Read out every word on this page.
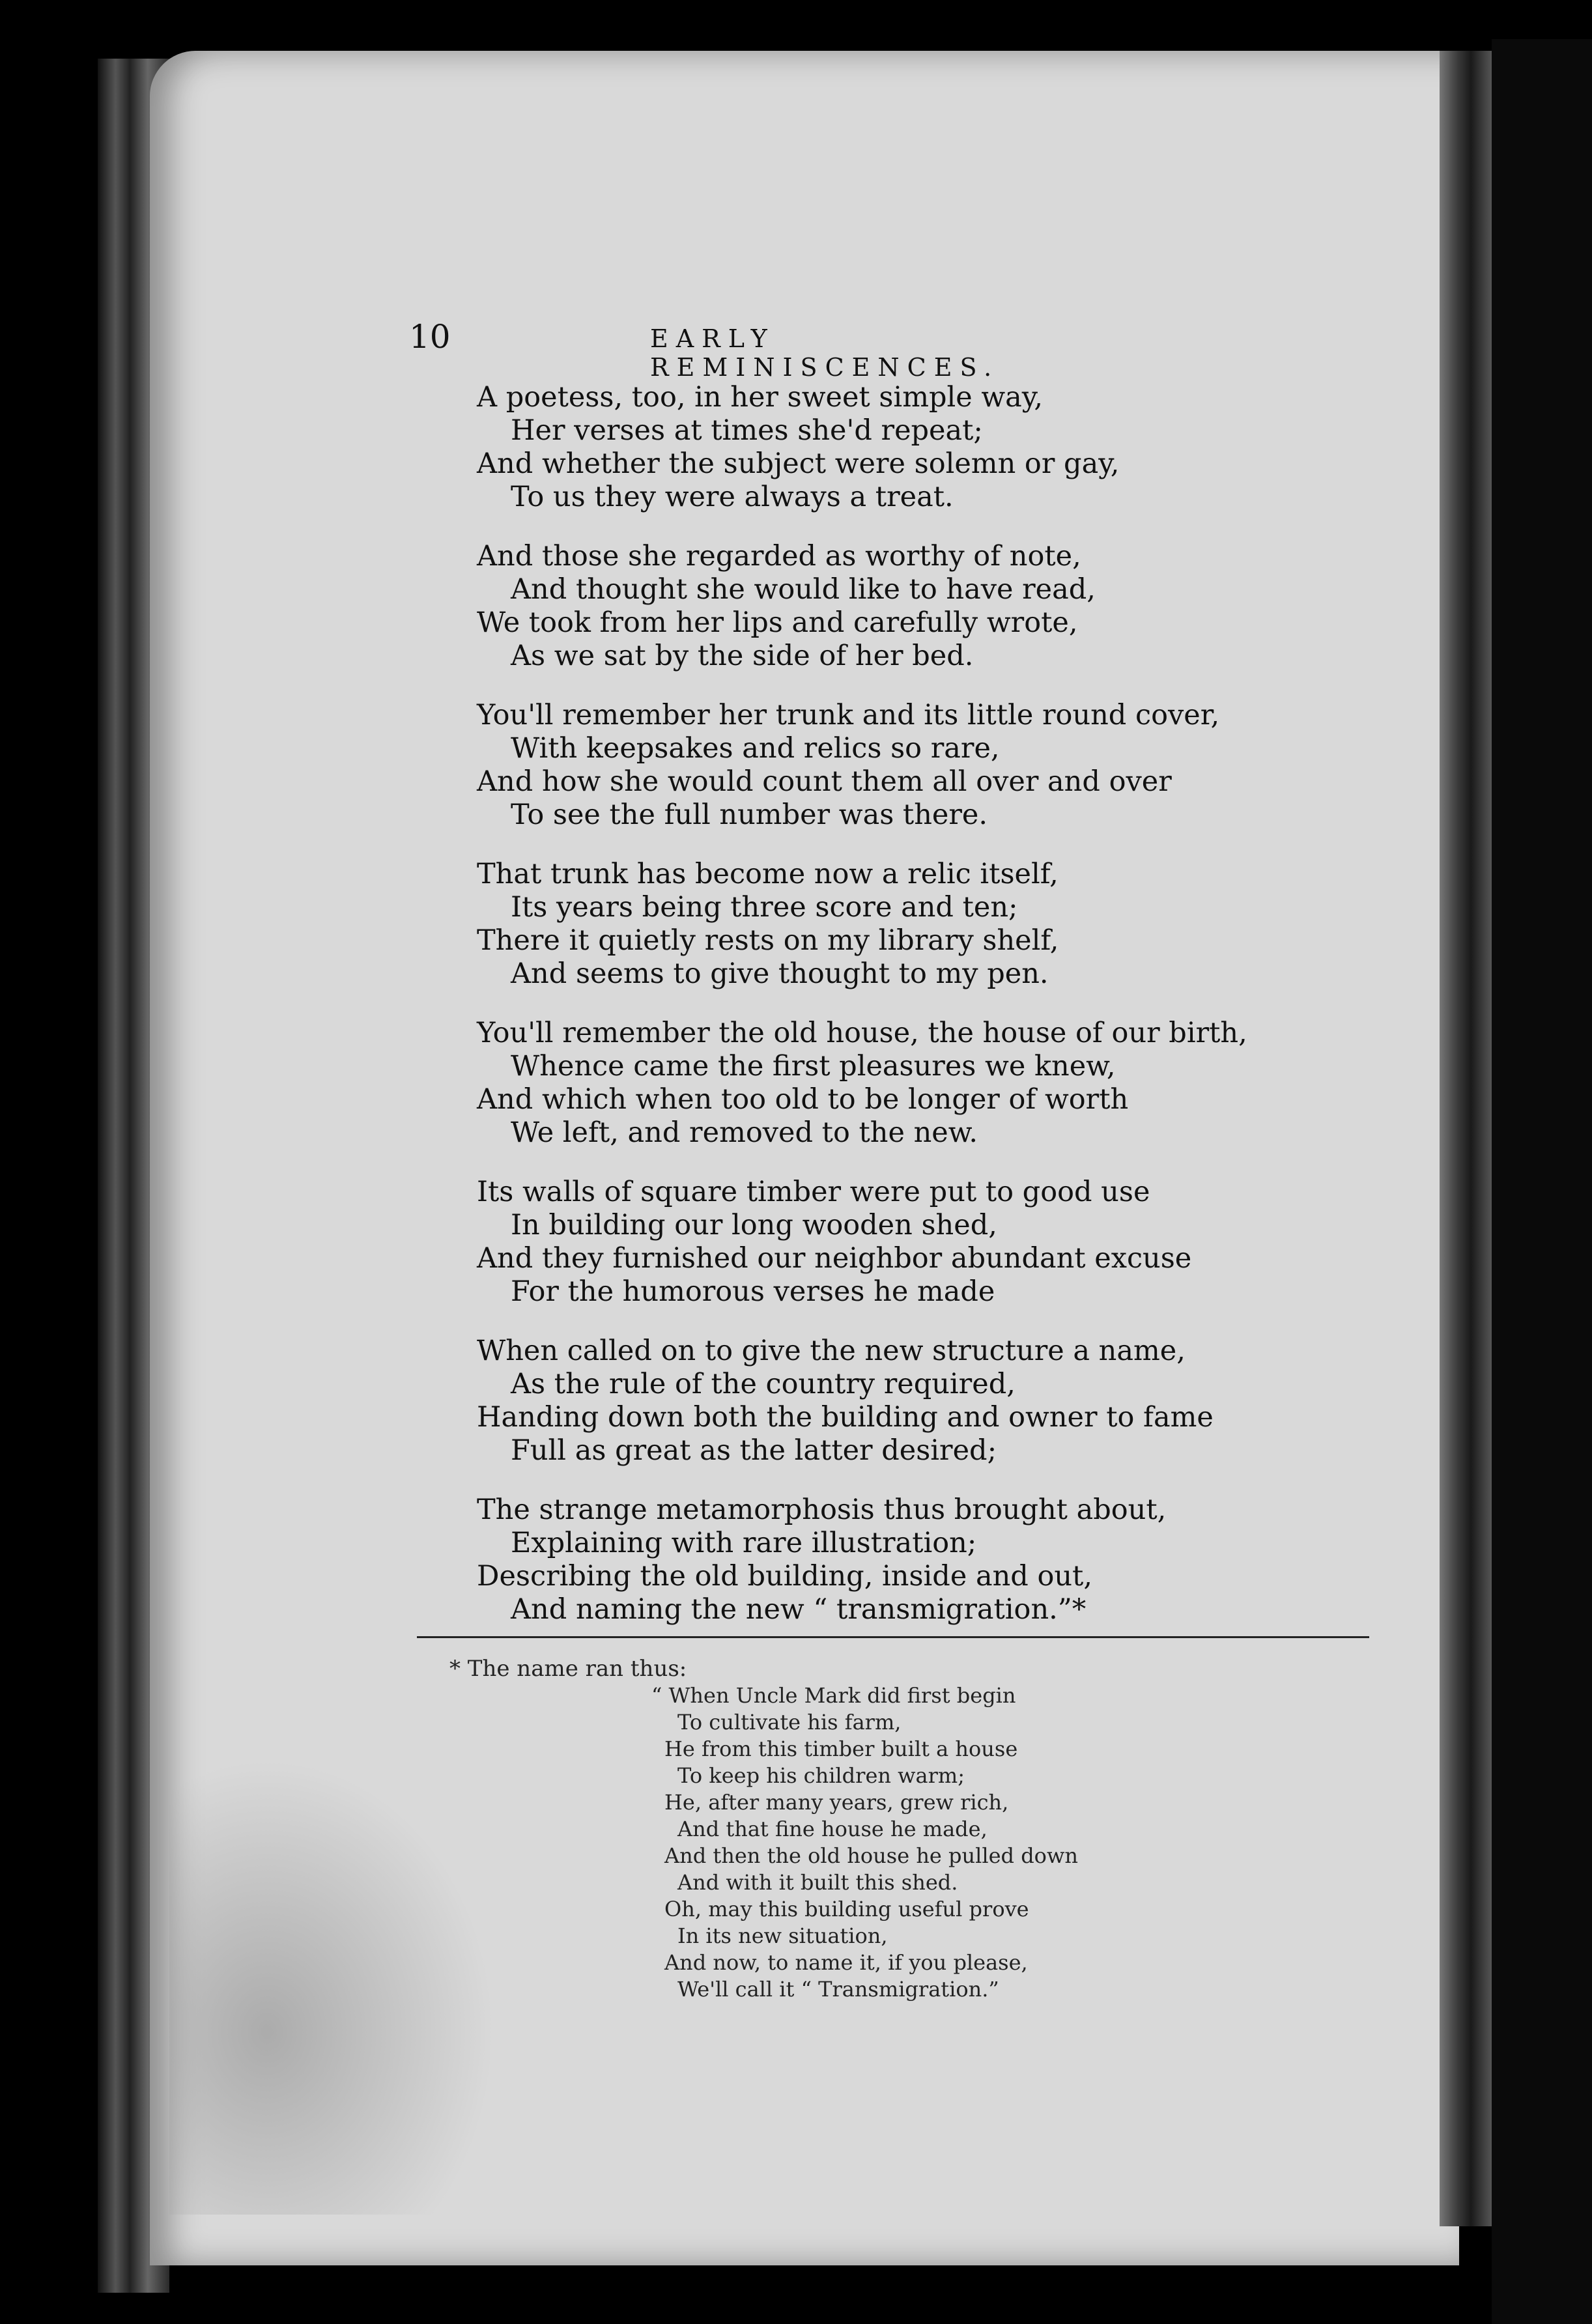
10	EARLY REMINISCENCES.
A poetess, too, in her sweet simple way,
Her verses at times she'd repeat;
And whether the subject were solemn or gay,
To us they were always a treat.
And those she regarded as worthy of note,
And thought she would like to have read,
We took from her lips and carefully wrote,
As we sat by the side of her bed.
You'll remember her trunk and its little round cover,
With keepsakes and relics so rare,
And how she would count them all over and over
To see the full number was there.
That trunk has become now a relic itself,
Its years being three score and ten;
There it quietly rests on my library shelf,
And seems to give thought to my pen.
You'll remember the old house, the house of our birth,
Whence came the first pleasures we knew,
And which when too old to be longer of worth
We left, and removed to the new.
Its walls of square timber were put to good use
In building our long wooden shed,
And they furnished our neighbor abundant excuse
For the humorous verses he made
When called on to give the new structure a name,
As the rule of the country required,
Handing down both the building and owner to fame
Full as great as the latter desired;
The strange metamorphosis thus brought about,
Explaining with rare illustration;
Describing the old building, inside and out,
And naming the new “ transmigration.”*
* The name ran thus:
“ When Uncle Mark did first begin
To cultivate his farm,
He from this timber built a house
To keep his children warm;
He, after many years, grew rich,
And that fine house he made,
And then the old house he pulled down
And with it built this shed.
Oh, may this building useful prove
In its new situation,
And now, to name it, if you please,
We'll call it “ Transmigration.”
